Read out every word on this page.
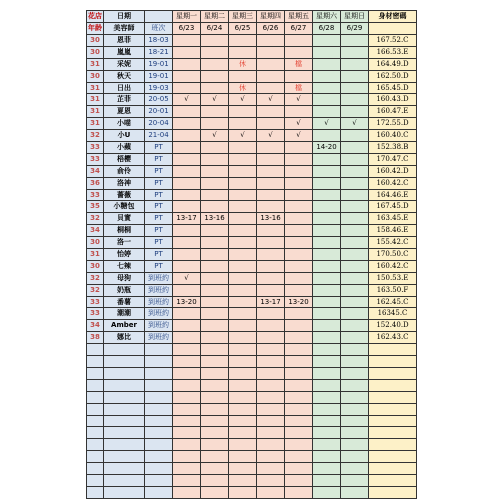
花店	日期		星期一	星期二	星期三	星期四	星期五	星期六	星期日	身材密碼
年龄	美容師	班次	6/23	6/24	6/25	6/26	6/27	6/28	6/29	
30	恩菲	18-03								167.52.C
30	嵐嵐	18-21								166.53.E
31	采妮	19-01			休		檔			164.49.D
30	秋天	19-01								162.50.D
31	日出	19-03			休		檔			165.45.D
31	芷菲	20-05	√	√	√	√	√			160.43.D
31	夏恩	20-01								160.47.E
31	小喵	20-04					√	√	√	172.55.D
32	小U	21-04		√	√	√	√			160.40.C
33	小蘋	PT						14-20		152.38.B
33	梧樱	PT								170.47.C
34	俞伶	PT								160.42.D
36	洛神	PT								160.42.C
33	薔薇	PT								164.46.E
35	小糖包	PT								167.45.D
32	貝實	PT	13-17	13-16		13-16				163.45.E
34	桐桐	PT								158.46.E
30	洛一	PT								155.42.C
31	怡婷	PT								170.50.C
30	七辣	PT								160.42.C
32	母狗	到班約	√							150.53.E
32	奶瓶	到班約								163.50.F
33	番薯	到班約	13-20			13-17	13-20			162.45.C
33	潮潮	到班約								16345.C
34	Amber	到班約								152.40.D
38	娜比	到班約								162.43.C
